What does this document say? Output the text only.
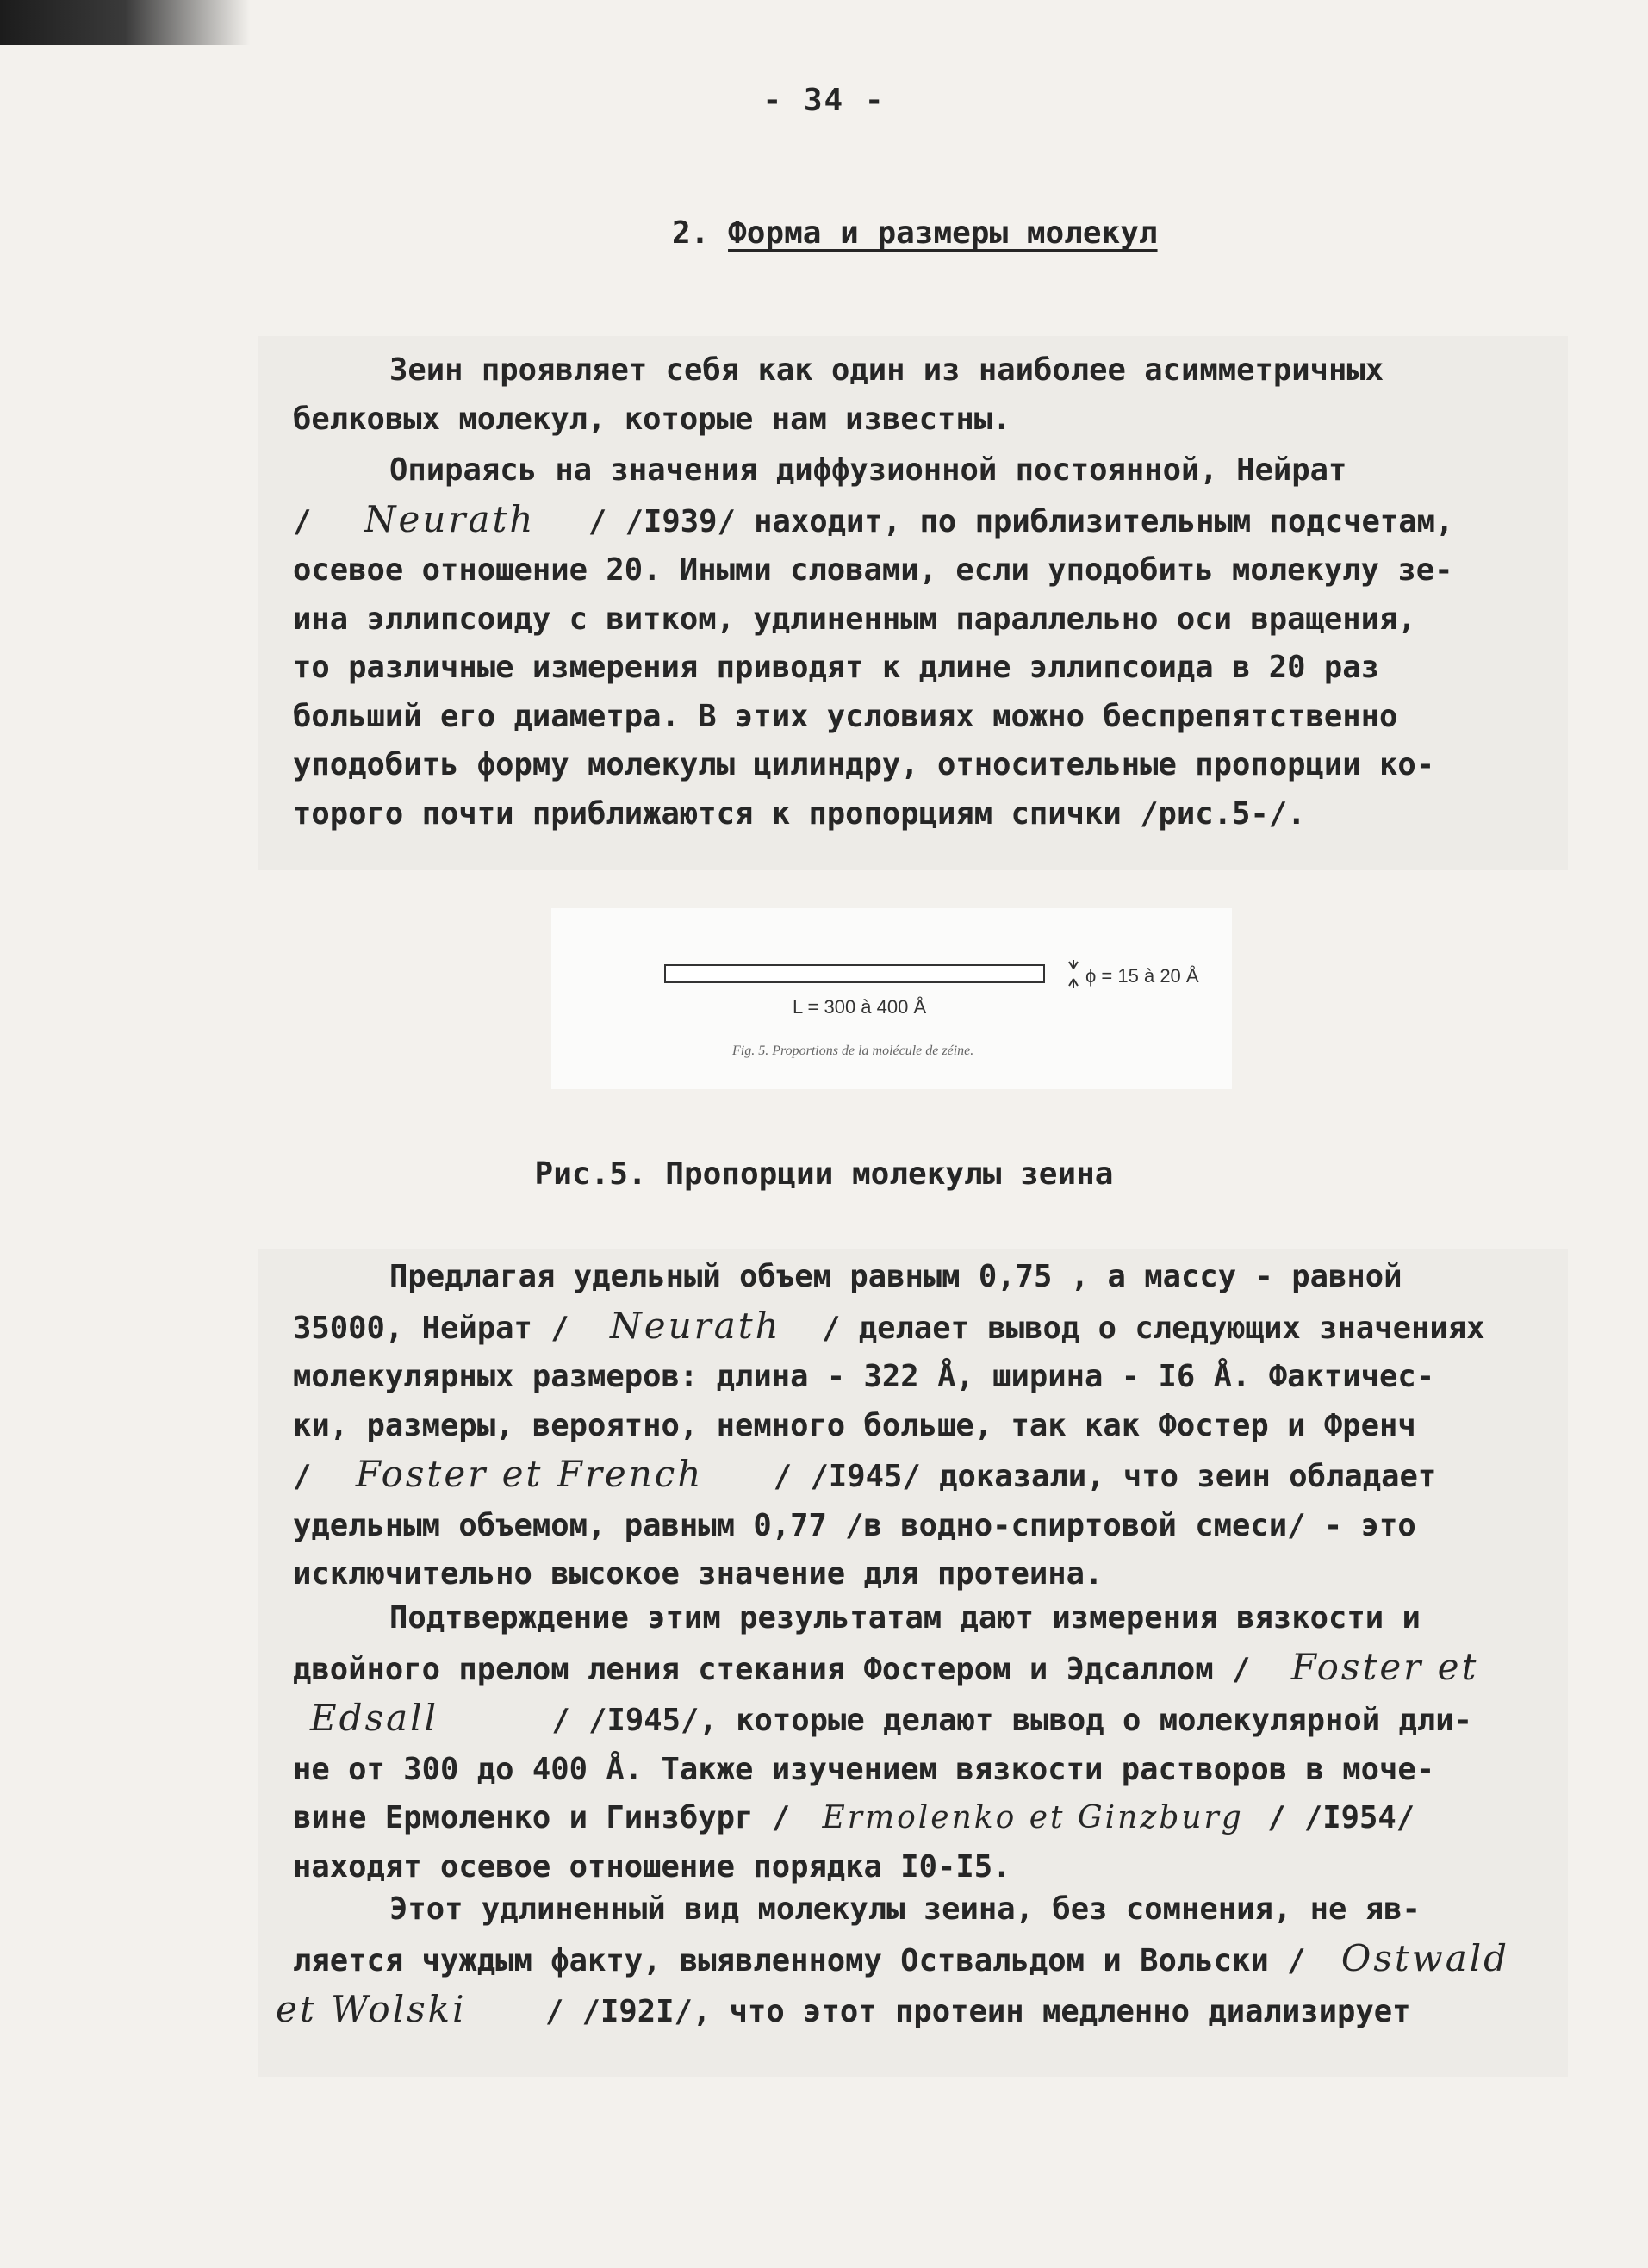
- 34 -
2. Форма и размеры молекул
Зеин проявляет себя как один из наиболее асимметричных
белковых молекул, которые нам известны.
Опираясь на значения диффузионной постоянной, Нейрат
/ Neurath / /I939/ находит, по приблизительным подсчетам,
осевое отношение 20. Иными словами, если уподобить молекулу зе-
ина эллипсоиду с витком, удлиненным параллельно оси вращения,
то различные измерения приводят к длине эллипсоида в 20 раз
больший его диаметра. В этих условиях можно беспрепятственно
уподобить форму молекулы цилиндру, относительные пропорции ко-
торого почти приближаются к пропорциям спички /рис.5-/.
ϕ = 15 à 20 Å
L = 300 à 400 Å
Fig. 5. Proportions de la molécule de zéine.
Рис.5. Пропорции молекулы зеина
Предлагая удельный объем равным 0,75 , а массу - равной
35000, Нейрат / Neurath / делает вывод о следующих значениях
молекулярных размеров: длина - 322 Å, ширина - I6 Å. Фактичес-
ки, размеры, вероятно, немного больше, так как Фостер и Френч
/ Foster et French / /I945/ доказали, что зеин обладает
удельным объемом, равным 0,77 /в водно-спиртовой смеси/ - это
исключительно высокое значение для протеина.
Подтверждение этим результатам дают измерения вязкости и
двойного прелом ления стекания Фостером и Эдсаллом / Foster et
Edsall	/ /I945/, которые делают вывод о молекулярной дли-
не от 300 до 400 Å. Также изучением вязкости растворов в мoче-
вине Ермоленко и Гинзбург / Ermolenko et Ginzburg / /I954/
находят осевое отношение порядка I0-I5.
Этот удлиненный вид молекулы зеина, без сомнения, не яв-
ляется чуждым факту, выявленному Оствальдом и Вольски / Ostwald
et Wolski	/ /I92I/, что этот протеин медленно диализирует
